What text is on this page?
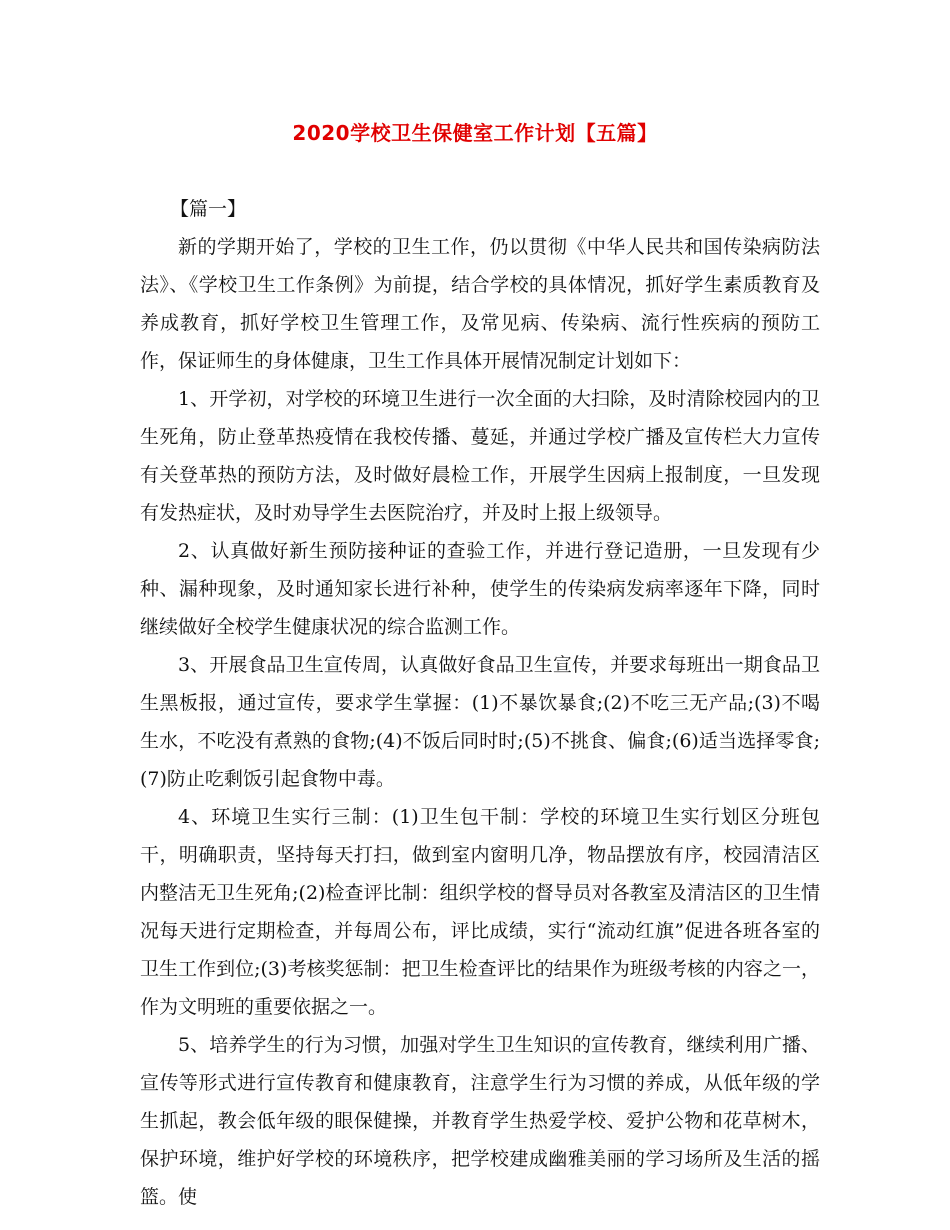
2020学校卫生保健室工作计划【五篇】

【篇一】

新的学期开始了，学校的卫生工作，仍以贯彻《中华人民共和国传染病防法法》、《学校卫生工作条例》为前提，结合学校的具体情况，抓好学生素质教育及养成教育，抓好学校卫生管理工作，及常见病、传染病、流行性疾病的预防工作，保证师生的身体健康，卫生工作具体开展情况制定计划如下：

1、开学初，对学校的环境卫生进行一次全面的大扫除，及时清除校园内的卫生死角，防止登革热疫情在我校传播、蔓延，并通过学校广播及宣传栏大力宣传有关登革热的预防方法，及时做好晨检工作，开展学生因病上报制度，一旦发现有发热症状，及时劝导学生去医院治疗，并及时上报上级领导。

2、认真做好新生预防接种证的查验工作，并进行登记造册，一旦发现有少种、漏种现象，及时通知家长进行补种，使学生的传染病发病率逐年下降，同时继续做好全校学生健康状况的综合监测工作。

3、开展食品卫生宣传周，认真做好食品卫生宣传，并要求每班出一期食品卫生黑板报，通过宣传，要求学生掌握：(1)不暴饮暴食;(2)不吃三无产品;(3)不喝生水，不吃没有煮熟的食物;(4)不饭后同时时;(5)不挑食、偏食;(6)适当选择零食;(7)防止吃剩饭引起食物中毒。

4、环境卫生实行三制：(1)卫生包干制：学校的环境卫生实行划区分班包干，明确职责，坚持每天打扫，做到室内窗明几净，物品摆放有序，校园清洁区内整洁无卫生死角;(2)检查评比制：组织学校的督导员对各教室及清洁区的卫生情况每天进行定期检查，并每周公布，评比成绩，实行“流动红旗”促进各班各室的卫生工作到位;(3)考核奖惩制：把卫生检查评比的结果作为班级考核的内容之一，作为文明班的重要依据之一。

5、培养学生的行为习惯，加强对学生卫生知识的宣传教育，继续利用广播、宣传等形式进行宣传教育和健康教育，注意学生行为习惯的养成，从低年级的学生抓起，教会低年级的眼保健操，并教育学生热爱学校、爱护公物和花草树木，保护环境，维护好学校的环境秩序，把学校建成幽雅美丽的学习场所及生活的摇篮。使
